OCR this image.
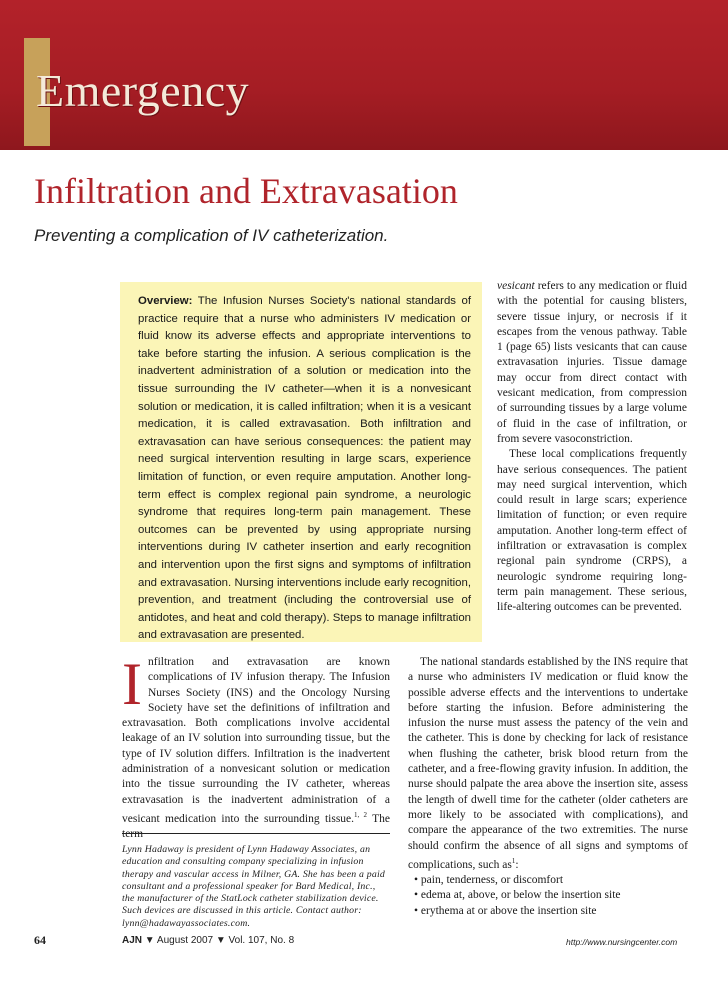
Emergency
Infiltration and Extravasation
Preventing a complication of IV catheterization.
Overview: The Infusion Nurses Society's national standards of practice require that a nurse who administers IV medication or fluid know its adverse effects and appropriate interventions to take before starting the infusion. A serious complication is the inadvertent administration of a solution or medication into the tissue surrounding the IV catheter—when it is a nonvesicant solution or medication, it is called infiltration; when it is a vesicant medication, it is called extravasation. Both infiltration and extravasation can have serious consequences: the patient may need surgical intervention resulting in large scars, experience limitation of function, or even require amputation. Another long-term effect is complex regional pain syndrome, a neurologic syndrome that requires long-term pain management. These outcomes can be prevented by using appropriate nursing interventions during IV catheter insertion and early recognition and intervention upon the first signs and symptoms of infiltration and extravasation. Nursing interventions include early recognition, prevention, and treatment (including the controversial use of antidotes, and heat and cold therapy). Steps to manage infiltration and extravasation are presented.
vesicant refers to any medication or fluid with the potential for causing blisters, severe tissue injury, or necrosis if it escapes from the venous pathway. Table 1 (page 65) lists vesicants that can cause extravasation injuries. Tissue damage may occur from direct contact with vesicant medication, from compression of surrounding tissues by a large volume of fluid in the case of infiltration, or from severe vasoconstriction.
These local complications frequently have serious consequences. The patient may need surgical intervention, which could result in large scars; experience limitation of function; or even require amputation. Another long-term effect of infiltration or extravasation is complex regional pain syndrome (CRPS), a neurologic syndrome requiring long-term pain management. These serious, life-altering outcomes can be prevented.
Infiltration and extravasation are known complications of IV infusion therapy. The Infusion Nurses Society (INS) and the Oncology Nursing Society have set the definitions of infiltration and extravasation. Both complications involve accidental leakage of an IV solution into surrounding tissue, but the type of IV solution differs. Infiltration is the inadvertent administration of a nonvesicant solution or medication into the tissue surrounding the IV catheter, whereas extravasation is the inadvertent administration of a vesicant medication into the surrounding tissue.$^{1, 2}$ The term
The national standards established by the INS require that a nurse who administers IV medication or fluid know the possible adverse effects and the interventions to undertake before starting the infusion. Before administering the infusion the nurse must assess the patency of the vein and the catheter. This is done by checking for lack of resistance when flushing the catheter, brisk blood return from the catheter, and a free-flowing gravity infusion. In addition, the nurse should palpate the area above the insertion site, assess the length of dwell time for the catheter (older catheters are more likely to be associated with complications), and compare the appearance of the two extremities. The nurse should confirm the absence of all signs and symptoms of complications, such $as^1$:
• pain, tenderness, or discomfort
• edema at, above, or below the insertion site
• erythema at or above the insertion site
Lynn Hadaway is president of Lynn Hadaway Associates, an education and consulting company specializing in infusion therapy and vascular access in Milner, GA. She has been a paid consultant and a professional speaker for Bard Medical, Inc., the manufacturer of the StatLock catheter stabilization device. Such devices are discussed in this article. Contact author: lynn@hadawayassociates.com.
64	AJN ▼ August 2007 ▼ Vol. 107, No. 8	http://www.nursingcenter.com
